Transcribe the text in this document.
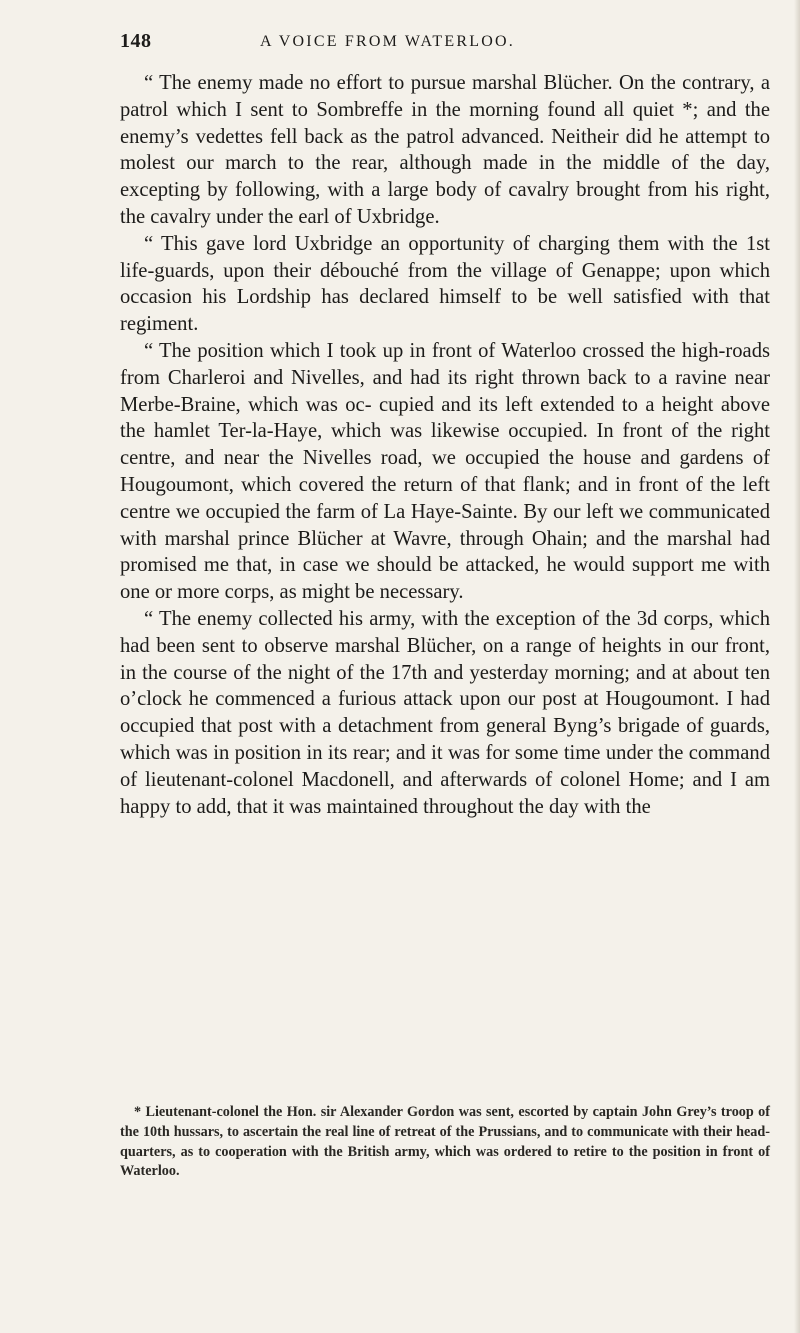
148	A VOICE FROM WATERLOO.

“ The enemy made no effort to pursue marshal Blücher. On the contrary, a patrol which I sent to Sombreffe in the morning found all quiet *; and the enemy’s vedettes fell back as the patrol advanced. Neitheir did he attempt to molest our march to the rear, although made in the middle of the day, excepting by following, with a large body of cavalry brought from his right, the cavalry under the earl of Uxbridge.

“ This gave lord Uxbridge an opportunity of charging them with the 1st life-guards, upon their débouché from the village of Genappe; upon which occasion his Lordship has declared himself to be well satisfied with that regiment.

“ The position which I took up in front of Waterloo crossed the high-roads from Charleroi and Nivelles, and had its right thrown back to a ravine near Merbe-Braine, which was oc- cupied and its left extended to a height above the hamlet Ter-la-Haye, which was likewise occupied. In front of the right centre, and near the Nivelles road, we occupied the house and gardens of Hougoumont, which covered the return of that flank; and in front of the left centre we occupied the farm of La Haye-Sainte. By our left we communicated with marshal prince Blücher at Wavre, through Ohain; and the marshal had promised me that, in case we should be attacked, he would support me with one or more corps, as might be necessary.

“ The enemy collected his army, with the exception of the 3d corps, which had been sent to observe marshal Blücher, on a range of heights in our front, in the course of the night of the 17th and yesterday morning; and at about ten o’clock he commenced a furious attack upon our post at Hougoumont. I had occupied that post with a detachment from general Byng’s brigade of guards, which was in position in its rear; and it was for some time under the command of lieutenant-colonel Macdonell, and afterwards of colonel Home; and I am happy to add, that it was maintained throughout the day with the

* Lieutenant-colonel the Hon. sir Alexander Gordon was sent, escorted by captain John Grey’s troop of the 10th hussars, to ascertain the real line of retreat of the Prussians, and to communicate with their head-quarters, as to cooperation with the British army, which was ordered to retire to the position in front of Waterloo.
